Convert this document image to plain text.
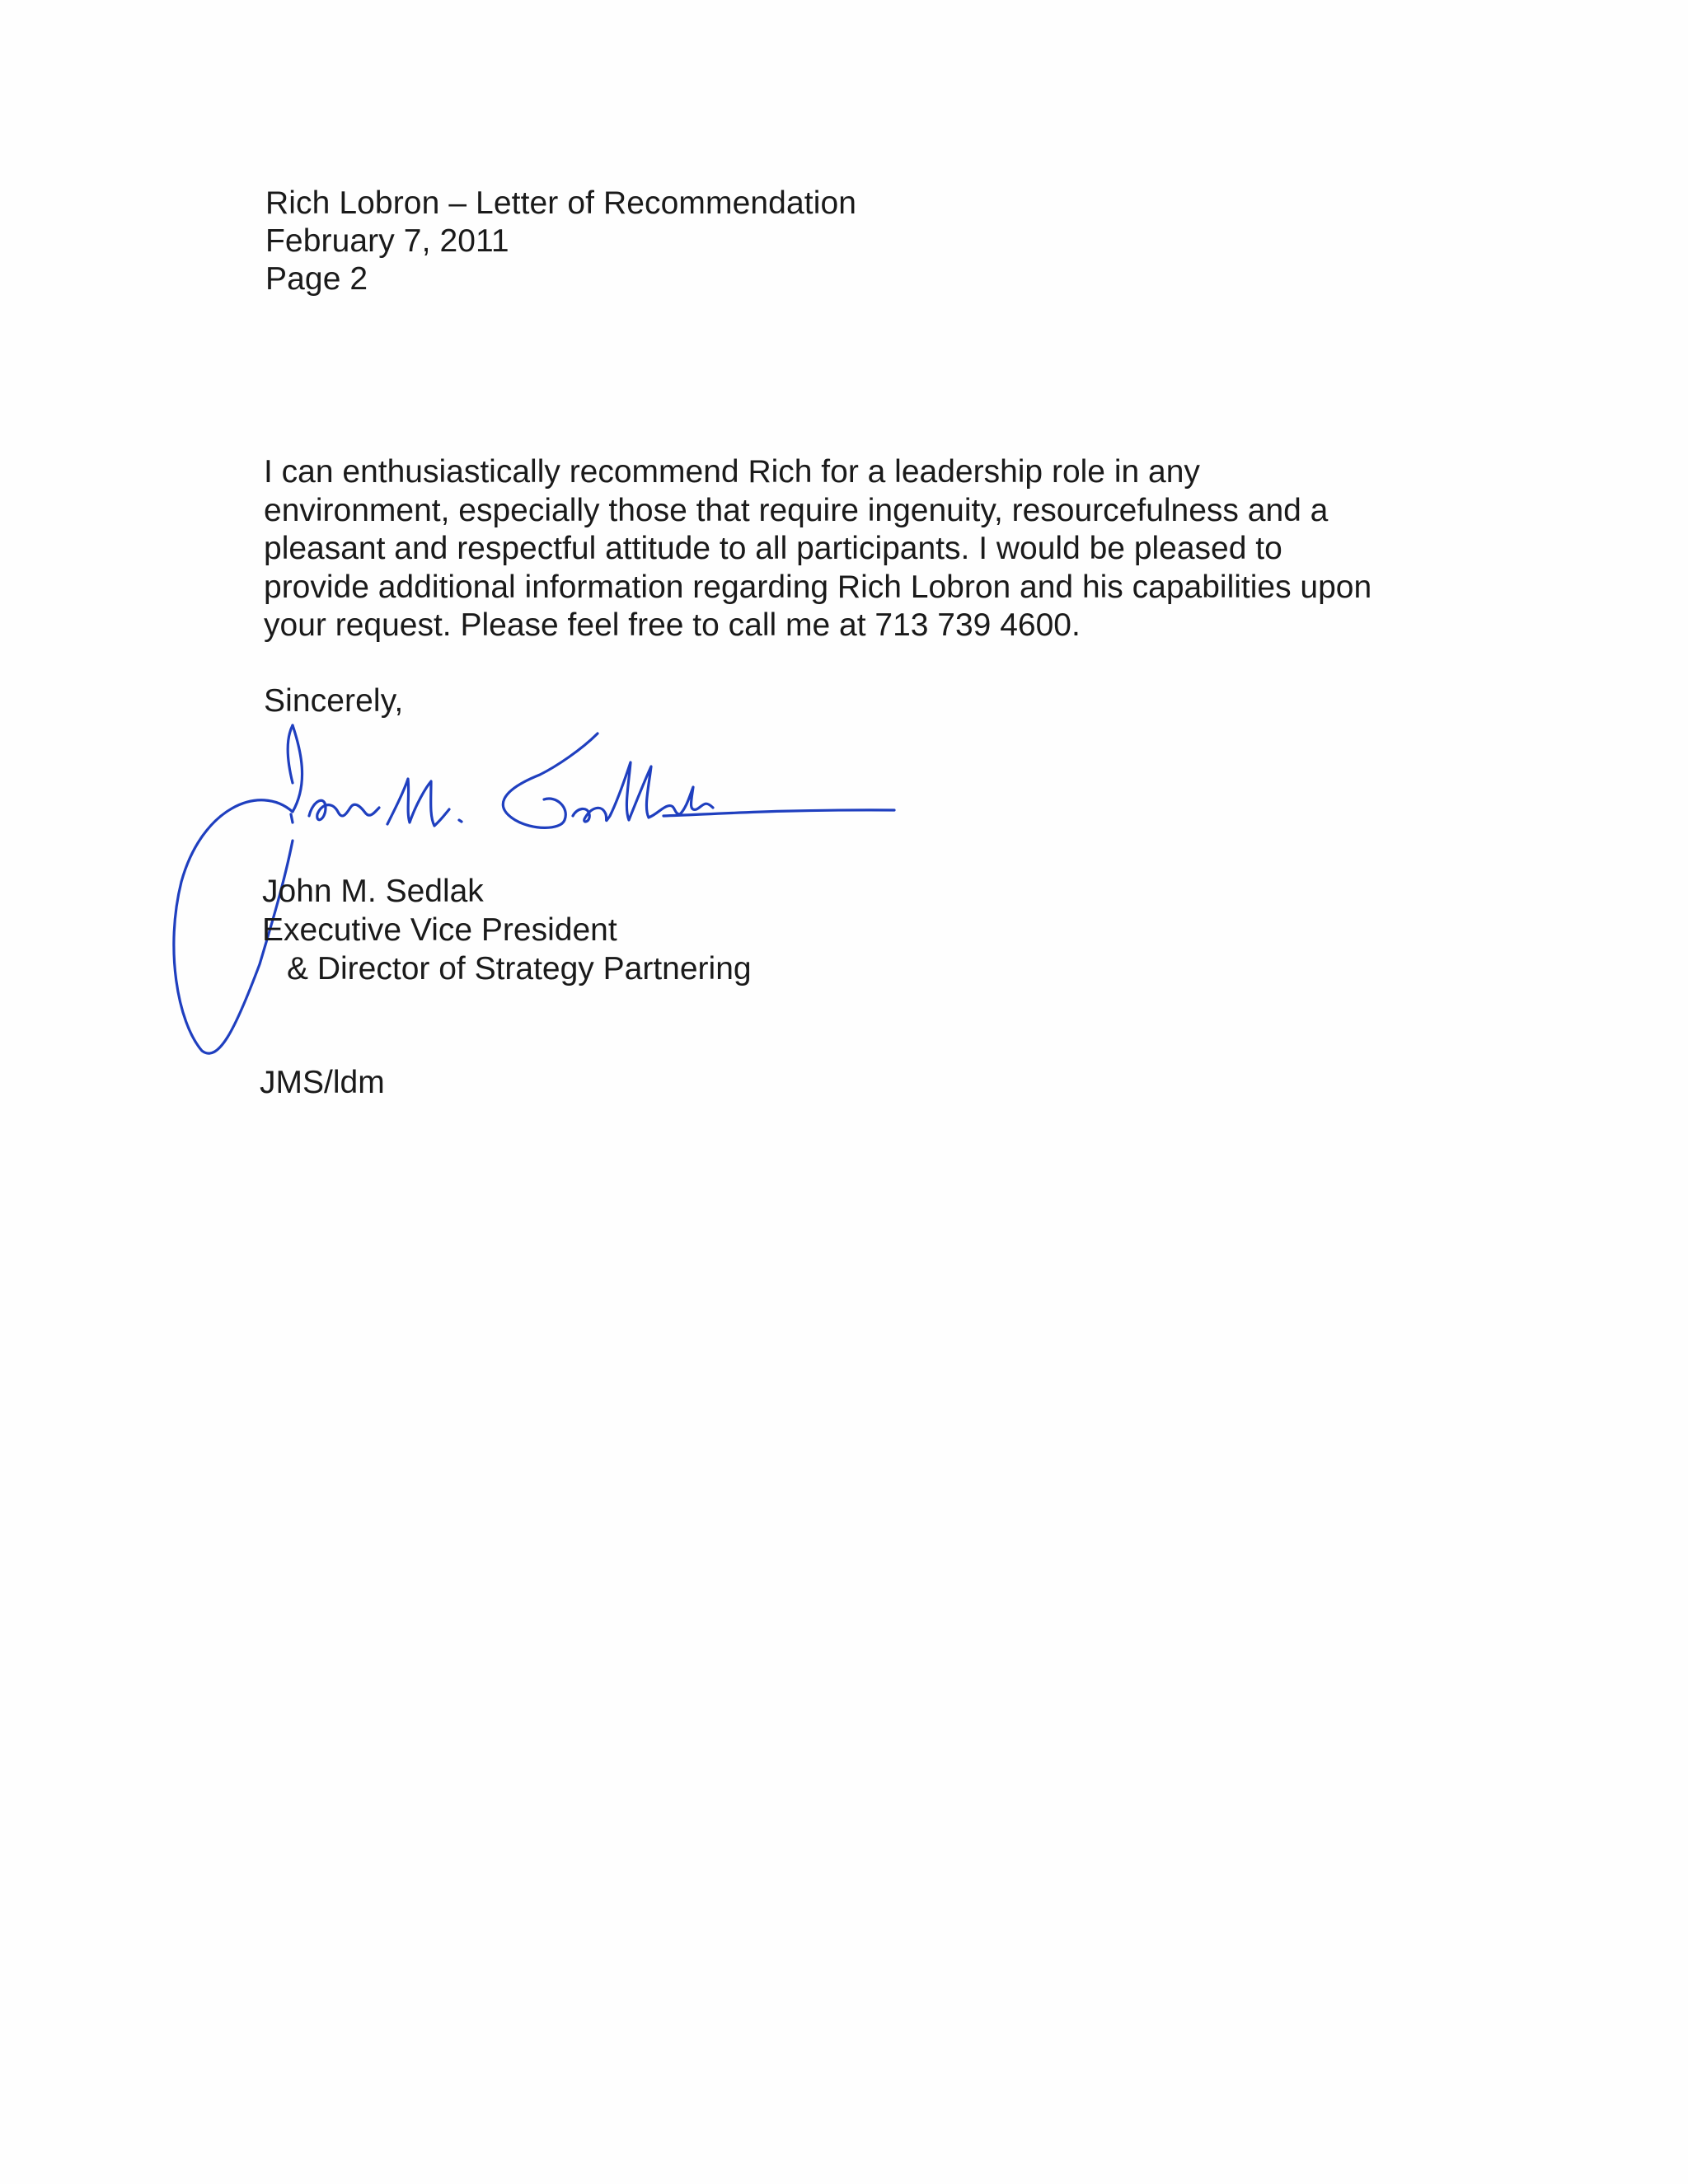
Rich Lobron – Letter of Recommendation
February 7, 2011
Page 2
I can enthusiastically recommend Rich for a leadership role in any
environment, especially those that require ingenuity, resourcefulness and a
pleasant and respectful attitude to all participants. I would be pleased to
provide additional information regarding Rich Lobron and his capabilities upon
your request. Please feel free to call me at 713 739 4600.
Sincerely,
John M. Sedlak
Executive Vice President
& Director of Strategy Partnering
JMS/ldm
